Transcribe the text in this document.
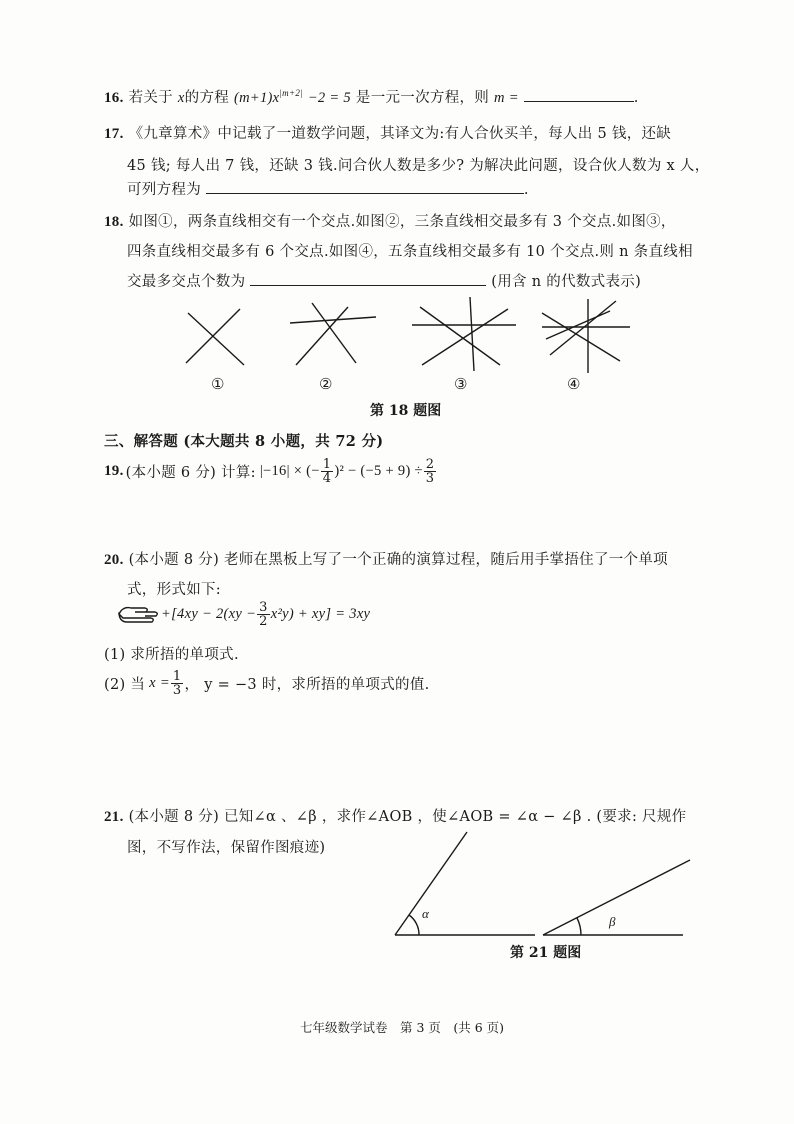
16. 若关于 x的方程 $(m+1)x^{|m+2|} -2 = 5$ 是一元一次方程，则 m =	.
17. 《九章算术》中记载了一道数学问题，其译文为:有人合伙买羊，每人出 5 钱，还缺
45 钱; 每人出 7 钱，还缺 3 钱.问合伙人数是多少? 为解决此问题，设合伙人数为 x 人，
可列方程为	.
18. 如图①，两条直线相交有一个交点.如图②，三条直线相交最多有 3 个交点.如图③，
四条直线相交最多有 6 个交点.如图④，五条直线相交最多有 10 个交点.则 n 条直线相
交最多交点个数为	(用含 n 的代数式表示)
①	②	③	④
第 18 题图
三、解答题 (本大题共 8 小题，共 72 分)
19. (本小题 6 分) 计算: |−16| × (− $\frac{1}{4} )^2 - (-5 + 9) \div \frac{2}{3}$
20. (本小题 8 分) 老师在黑板上写了一个正确的演算过程，随后用手掌捂住了一个单项
式，形式如下:
$+[4xy - 2(xy - \frac{3}{2} x^2y) + xy] = 3xy$
(1) 求所捂的单项式.
(2) 当 $x = \frac{1}{3}$ ， y = −3 时，求所捂的单项式的值.
21. (本小题 8 分) 已知∠α 、∠β ，求作∠AOB ，使∠AOB = ∠α − ∠β . (要求: 尺规作
图，不写作法，保留作图痕迹)
α
β
第 21 题图
七年级数学试卷　第 3 页　(共 6 页)
